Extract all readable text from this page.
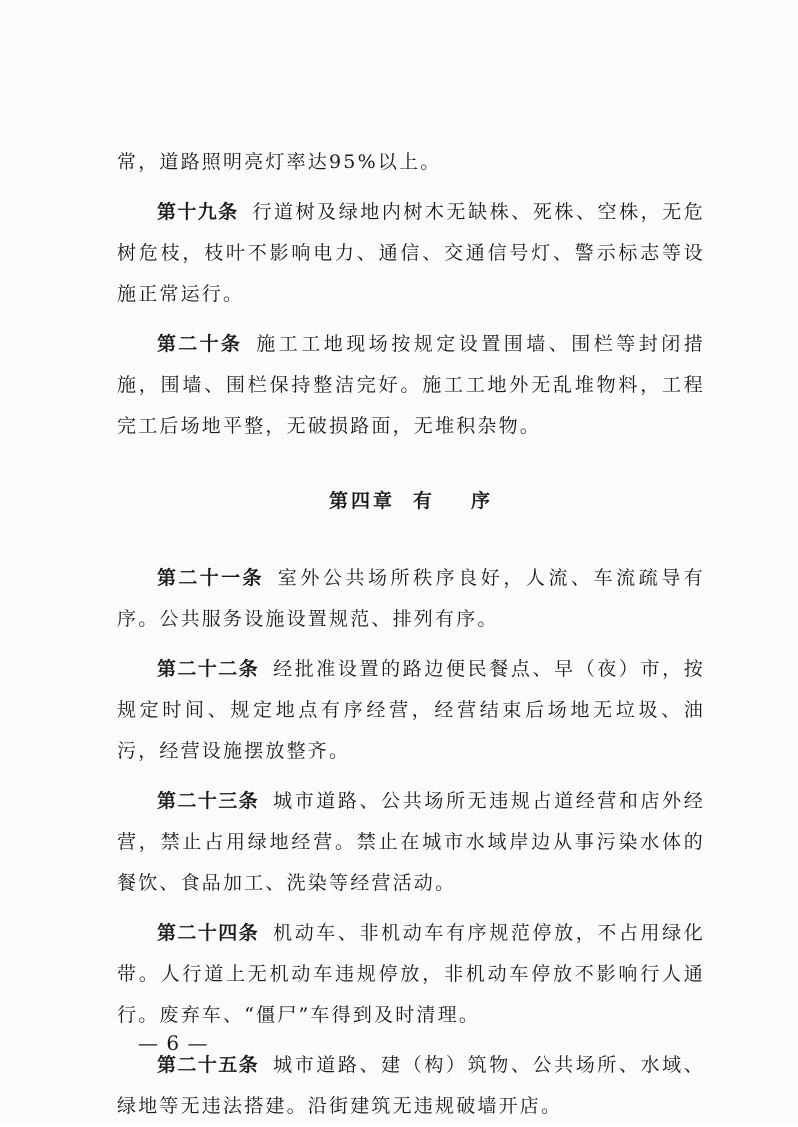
常，道路照明亮灯率达95%以上。

第十九条 行道树及绿地内树木无缺株、死株、空株，无危树危枝，枝叶不影响电力、通信、交通信号灯、警示标志等设施正常运行。

第二十条 施工工地现场按规定设置围墙、围栏等封闭措施，围墙、围栏保持整洁完好。施工工地外无乱堆物料，工程完工后场地平整，无破损路面，无堆积杂物。

第四章 有 序

第二十一条 室外公共场所秩序良好，人流、车流疏导有序。公共服务设施设置规范、排列有序。

第二十二条 经批准设置的路边便民餐点、早（夜）市，按规定时间、规定地点有序经营，经营结束后场地无垃圾、油污，经营设施摆放整齐。

第二十三条 城市道路、公共场所无违规占道经营和店外经营，禁止占用绿地经营。禁止在城市水域岸边从事污染水体的餐饮、食品加工、洗染等经营活动。

第二十四条 机动车、非机动车有序规范停放，不占用绿化带。人行道上无机动车违规停放，非机动车停放不影响行人通行。废弃车、“僵尸”车得到及时清理。

第二十五条 城市道路、建（构）筑物、公共场所、水域、绿地等无违法搭建。沿街建筑无违规破墙开店。

— 6 —
